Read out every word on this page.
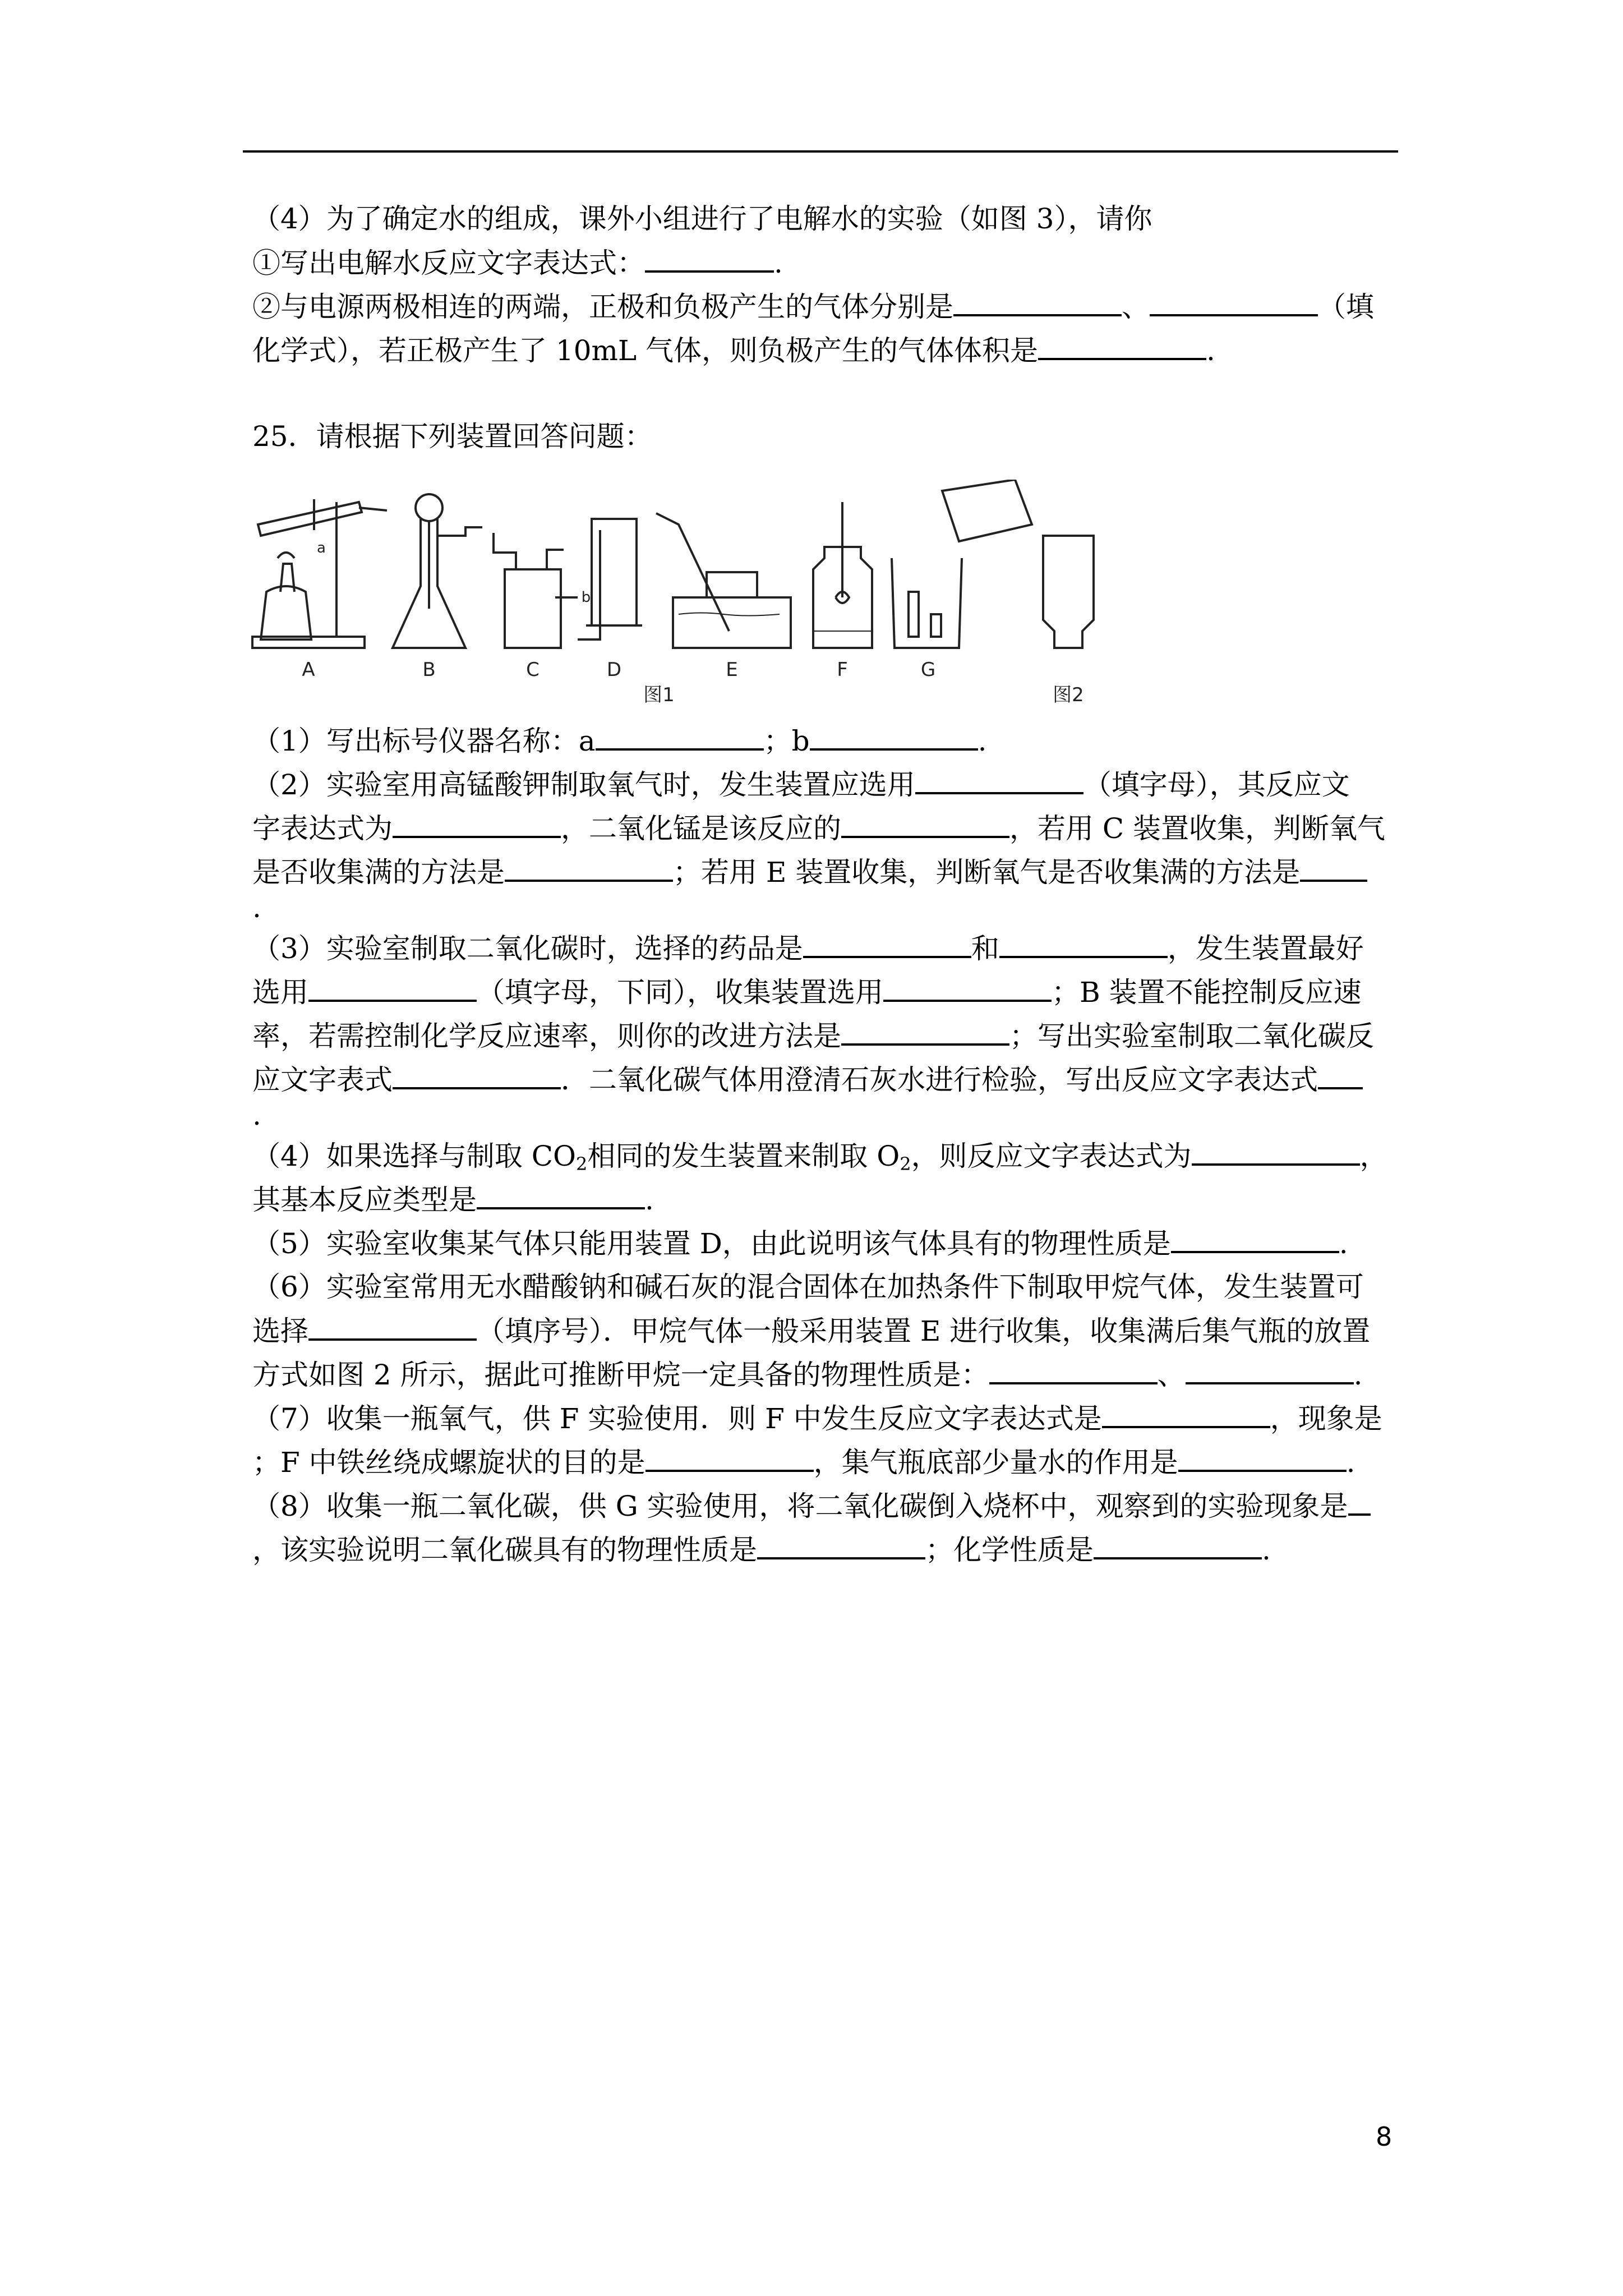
（4）为了确定水的组成，课外小组进行了电解水的实验（如图 3），请你
①写出电解水反应文字表达式：	.
②与电源两极相连的两端，正极和负极产生的气体分别是	、	（填
化学式），若正极产生了 10mL 气体，则负极产生的气体体积是	.
25．请根据下列装置回答问题：
A	B	C	D	E	F	G
图1	图2
a
b
（1）写出标号仪器名称：a	；b	.
（2）实验室用高锰酸钾制取氧气时，发生装置应选用	（填字母），其反应文
字表达式为	，二氧化锰是该反应的	，若用 C 装置收集，判断氧气
是否收集满的方法是	；若用 E 装置收集，判断氧气是否收集满的方法是
.
（3）实验室制取二氧化碳时，选择的药品是	和	，发生装置最好
选用	（填字母，下同），收集装置选用	；B 装置不能控制反应速
率，若需控制化学反应速率，则你的改进方法是	；写出实验室制取二氧化碳反
应文字表式	．二氧化碳气体用澄清石灰水进行检验，写出反应文字表达式
.
（4）如果选择与制取 $CO_2$相同的发生装置来制取 $O_2$，则反应文字表达式为	，
其基本反应类型是	.
（5）实验室收集某气体只能用装置 D，由此说明该气体具有的物理性质是	.
（6）实验室常用无水醋酸钠和碱石灰的混合固体在加热条件下制取甲烷气体，发生装置可
选择	（填序号）．甲烷气体一般采用装置 E 进行收集，收集满后集气瓶的放置
方式如图 2 所示，据此可推断甲烷一定具备的物理性质是：	、	.
（7）收集一瓶氧气，供 F 实验使用．则 F 中发生反应文字表达式是	，现象是
；F 中铁丝绕成螺旋状的目的是	，集气瓶底部少量水的作用是	.
（8）收集一瓶二氧化碳，供 G 实验使用，将二氧化碳倒入烧杯中，观察到的实验现象是
，该实验说明二氧化碳具有的物理性质是	；化学性质是	.
8
